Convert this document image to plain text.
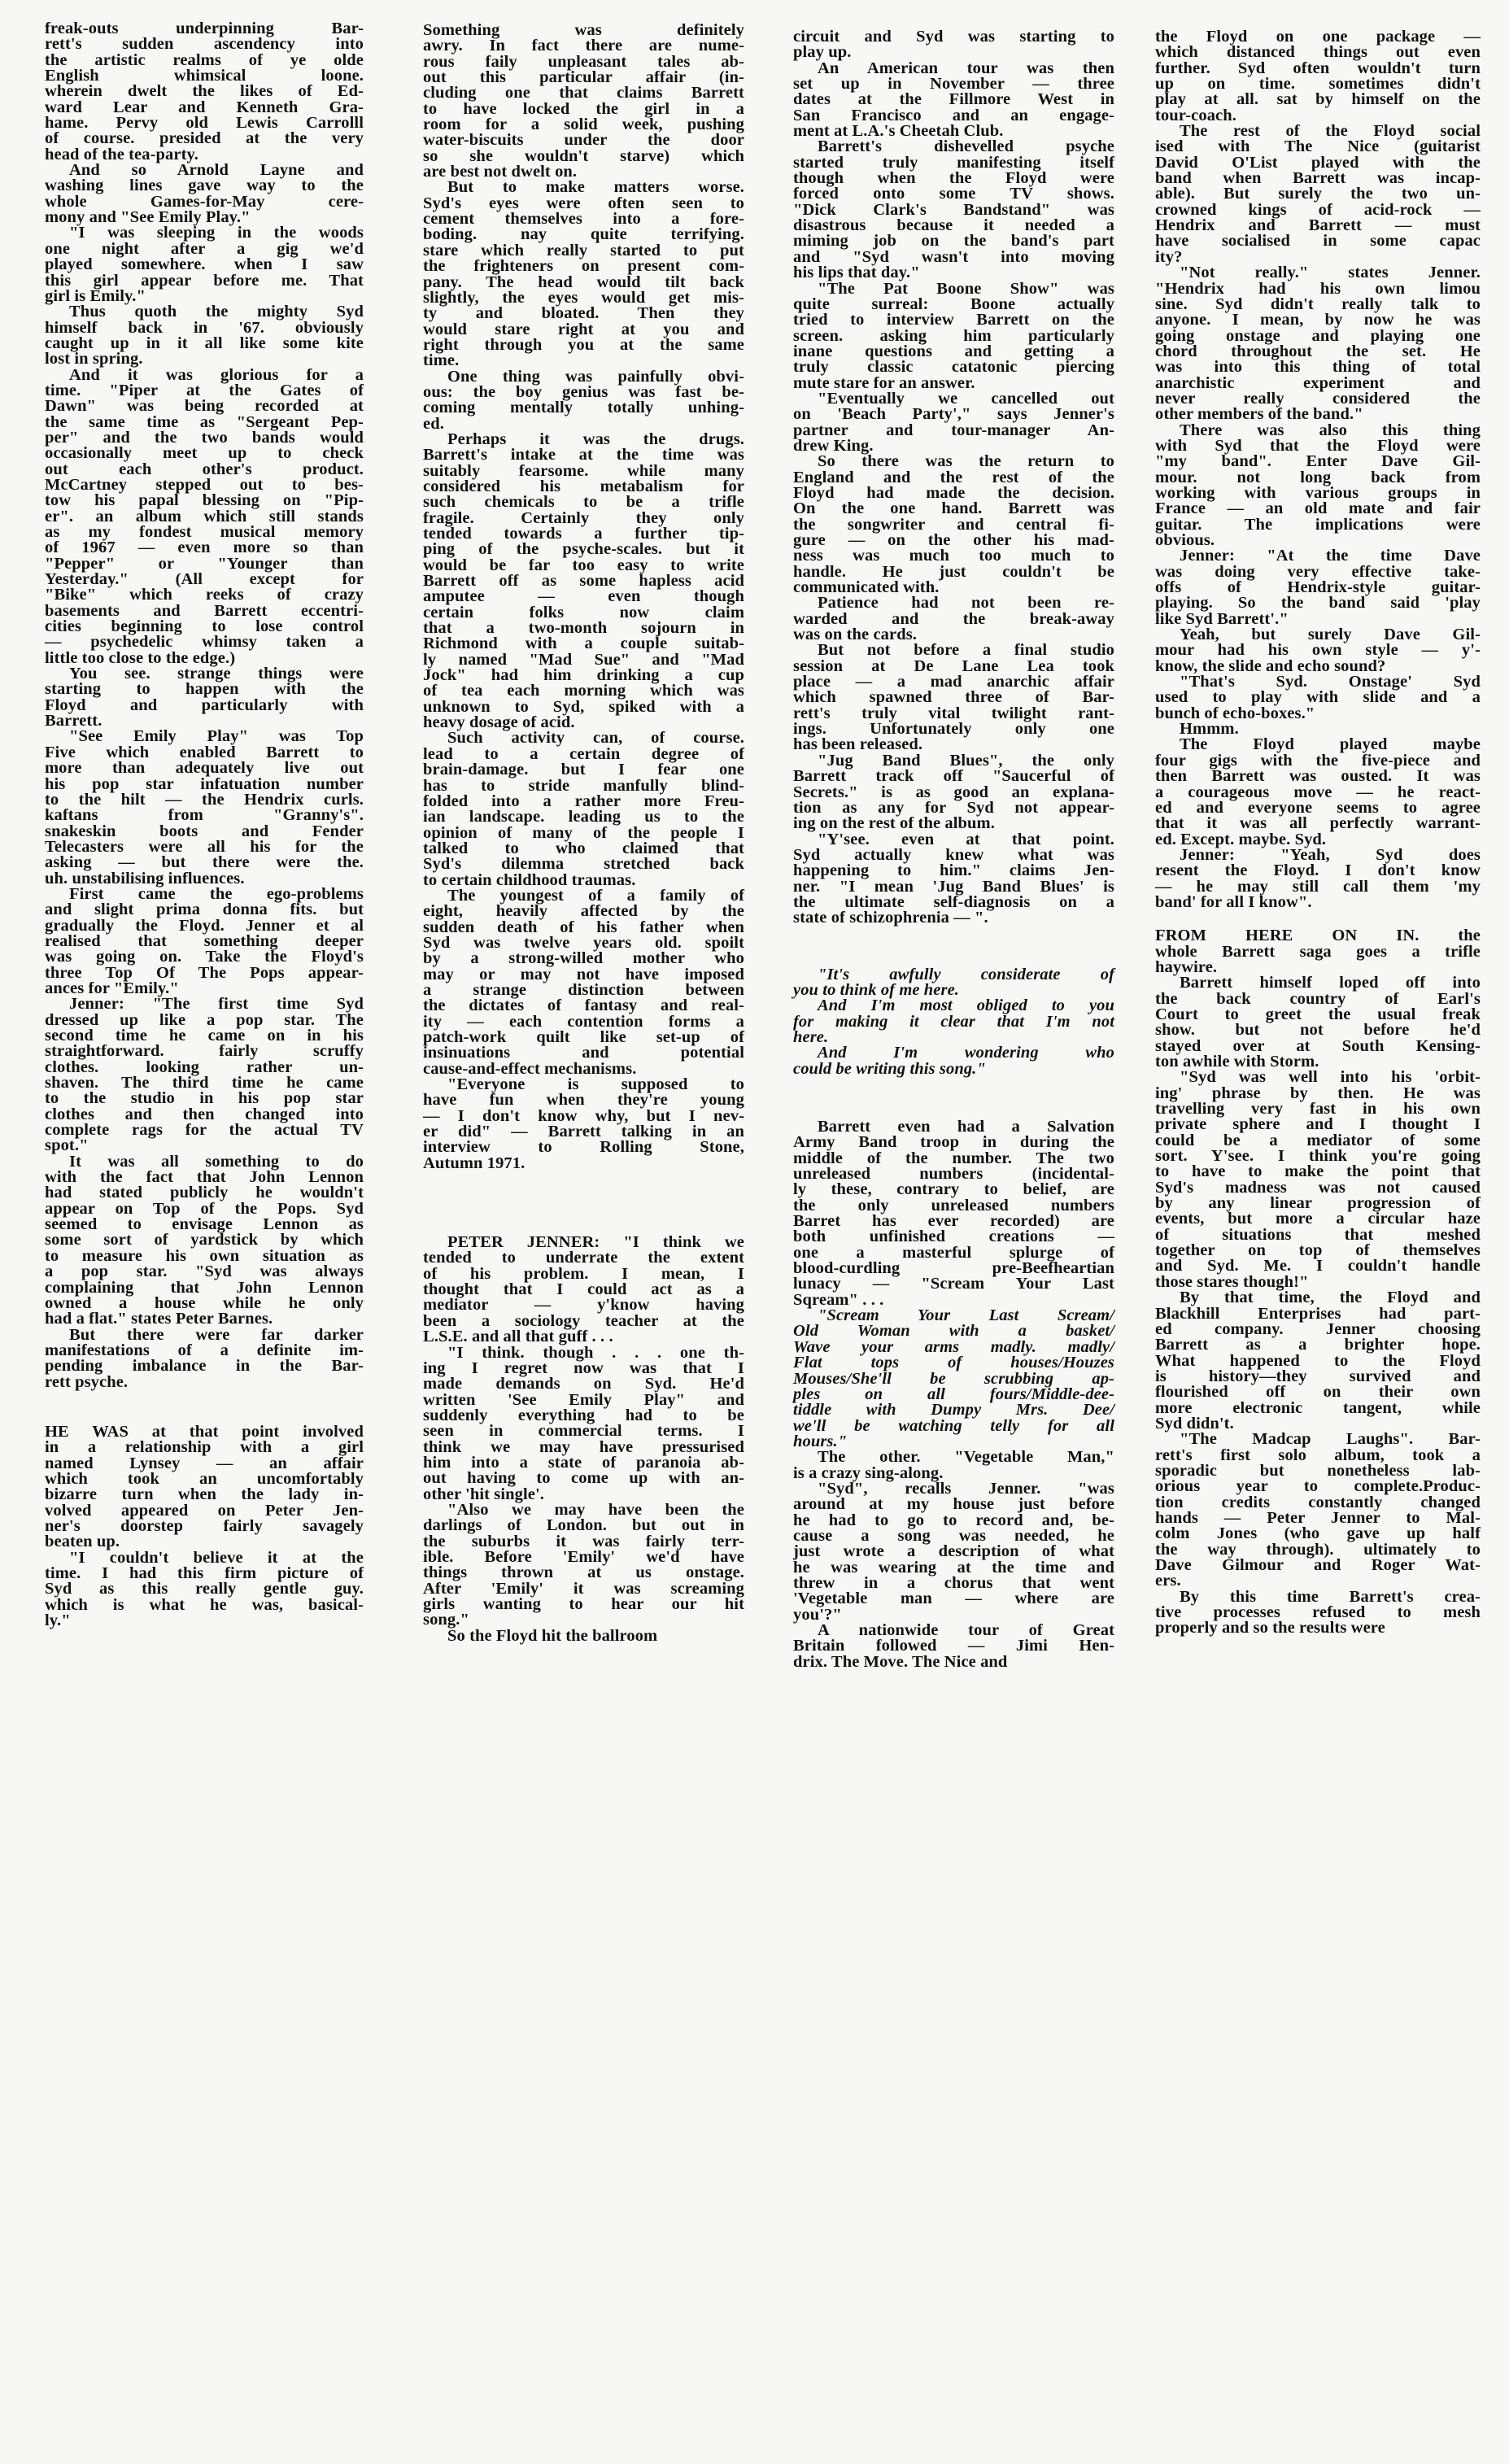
freak-outs underpinning Bar-
rett's sudden ascendency into
the artistic realms of ye olde
English whimsical loone.
wherein dwelt the likes of Ed-
ward Lear and Kenneth Gra-
hame. Pervy old Lewis Carrolll
of course. presided at the very
head of the tea-party.
And so Arnold Layne and
washing lines gave way to the
whole Games-for-May cere-
mony and "See Emily Play."
"I was sleeping in the woods
one night after a gig we'd
played somewhere. when I saw
this girl appear before me. That
girl is Emily."
Thus quoth the mighty Syd
himself back in '67. obviously
caught up in it all like some kite
lost in spring.
And it was glorious for a
time. "Piper at the Gates of
Dawn" was being recorded at
the same time as "Sergeant Pep-
per" and the two bands would
occasionally meet up to check
out each other's product.
McCartney stepped out to bes-
tow his papal blessing on "Pip-
er". an album which still stands
as my fondest musical memory
of 1967 — even more so than
"Pepper" or "Younger than
Yesterday." (All except for
"Bike" which reeks of crazy
basements and Barrett eccentri-
cities beginning to lose control
— psychedelic whimsy taken a
little too close to the edge.)
You see. strange things were
starting to happen with the
Floyd and particularly with
Barrett.
"See Emily Play" was Top
Five which enabled Barrett to
more than adequately live out
his pop star infatuation number
to the hilt — the Hendrix curls.
kaftans from "Granny's".
snakeskin boots and Fender
Telecasters were all his for the
asking — but there were the.
uh. unstabilising influences.
First came the ego-problems
and slight prima donna fits. but
gradually the Floyd. Jenner et al
realised that something deeper
was going on. Take the Floyd's
three Top Of The Pops appear-
ances for "Emily."
Jenner: "The first time Syd
dressed up like a pop star. The
second time he came on in his
straightforward. fairly scruffy
clothes. looking rather un-
shaven. The third time he came
to the studio in his pop star
clothes and then changed into
complete rags for the actual TV
spot."
It was all something to do
with the fact that John Lennon
had stated publicly he wouldn't
appear on Top of the Pops. Syd
seemed to envisage Lennon as
some sort of yardstick by which
to measure his own situation as
a pop star. "Syd was always
complaining that John Lennon
owned a house while he only
had a flat." states Peter Barnes.
But there were far darker
manifestations of a definite im-
pending imbalance in the Bar-
rett psyche.
HE WAS at that point involved
in a relationship with a girl
named Lynsey — an affair
which took an uncomfortably
bizarre turn when the lady in-
volved appeared on Peter Jen-
ner's doorstep fairly savagely
beaten up.
"I couldn't believe it at the
time. I had this firm picture of
Syd as this really gentle guy.
which is what he was, basical-
ly."
Something was definitely
awry. In fact there are nume-
rous faily unpleasant tales ab-
out this particular affair (in-
cluding one that claims Barrett
to have locked the girl in a
room for a solid week, pushing
water-biscuits under the door
so she wouldn't starve) which
are best not dwelt on.
But to make matters worse.
Syd's eyes were often seen to
cement themselves into a fore-
boding. nay quite terrifying.
stare which really started to put
the frighteners on present com-
pany. The head would tilt back
slightly, the eyes would get mis-
ty and bloated. Then they
would stare right at you and
right through you at the same
time.
One thing was painfully obvi-
ous: the boy genius was fast be-
coming mentally totally unhing-
ed.
Perhaps it was the drugs.
Barrett's intake at the time was
suitably fearsome. while many
considered his metabalism for
such chemicals to be a trifle
fragile. Certainly they only
tended towards a further tip-
ping of the psyche-scales. but it
would be far too easy to write
Barrett off as some hapless acid
amputee — even though
certain folks now claim
that a two-month sojourn in
Richmond with a couple suitab-
ly named "Mad Sue" and "Mad
Jock" had him drinking a cup
of tea each morning which was
unknown to Syd, spiked with a
heavy dosage of acid.
Such activity can, of course.
lead to a certain degree of
brain-damage. but I fear one
has to stride manfully blind-
folded into a rather more Freu-
ian landscape. leading us to the
opinion of many of the people I
talked to who claimed that
Syd's dilemma stretched back
to certain childhood traumas.
The youngest of a family of
eight, heavily affected by the
sudden death of his father when
Syd was twelve years old. spoilt
by a strong-willed mother who
may or may not have imposed
a strange distinction between
the dictates of fantasy and real-
ity — each contention forms a
patch-work quilt like set-up of
insinuations and potential
cause-and-effect mechanisms.
"Everyone is supposed to
have fun when they're young
— I don't know why, but I nev-
er did" — Barrett talking in an
interview to Rolling Stone,
Autumn 1971.
PETER JENNER: "I think we
tended to underrate the extent
of his problem. I mean, I
thought that I could act as a
mediator — y'know having
been a sociology teacher at the
L.S.E. and all that guff . . .
"I think. though . . . one th-
ing I regret now was that I
made demands on Syd. He'd
written 'See Emily Play" and
suddenly everything had to be
seen in commercial terms. I
think we may have pressurised
him into a state of paranoia ab-
out having to come up with an-
other 'hit single'.
"Also we may have been the
darlings of London. but out in
the suburbs it was fairly terr-
ible. Before 'Emily' we'd have
things thrown at us onstage.
After 'Emily' it was screaming
girls wanting to hear our hit
song."
So the Floyd hit the ballroom
circuit and Syd was starting to
play up.
An American tour was then
set up in November — three
dates at the Fillmore West in
San Francisco and an engage-
ment at L.A.'s Cheetah Club.
Barrett's dishevelled psyche
started truly manifesting itself
though when the Floyd were
forced onto some TV shows.
"Dick Clark's Bandstand" was
disastrous because it needed a
miming job on the band's part
and "Syd wasn't into moving
his lips that day."
"The Pat Boone Show" was
quite surreal: Boone actually
tried to interview Barrett on the
screen. asking him particularly
inane questions and getting a
truly classic catatonic piercing
mute stare for an answer.
"Eventually we cancelled out
on 'Beach Party'," says Jenner's
partner and tour-manager An-
drew King.
So there was the return to
England and the rest of the
Floyd had made the decision.
On the one hand. Barrett was
the songwriter and central fi-
gure — on the other his mad-
ness was much too much to
handle. He just couldn't be
communicated with.
Patience had not been re-
warded and the break-away
was on the cards.
But not before a final studio
session at De Lane Lea took
place — a mad anarchic affair
which spawned three of Bar-
rett's truly vital twilight rant-
ings. Unfortunately only one
has been released.
"Jug Band Blues", the only
Barrett track off "Saucerful of
Secrets." is as good an explana-
tion as any for Syd not appear-
ing on the rest of the album.
"Y'see. even at that point.
Syd actually knew what was
happening to him." claims Jen-
ner. "I mean 'Jug Band Blues' is
the ultimate self-diagnosis on a
state of schizophrenia — ".
"It's awfully considerate of
you to think of me here.
And I'm most obliged to you
for making it clear that I'm not
here.
And I'm wondering who
could be writing this song."
Barrett even had a Salvation
Army Band troop in during the
middle of the number. The two
unreleased numbers (incidental-
ly these, contrary to belief, are
the only unreleased numbers
Barret has ever recorded) are
both unfinished creations —
one a masterful splurge of
blood-curdling pre-Beefheartian
lunacy — "Scream Your Last
Sqream" . . .
"Scream Your Last Scream/
Old Woman with a basket/
Wave your arms madly. madly/
Flat tops of houses/Houzes
Mouses/She'll be scrubbing ap-
ples on all fours/Middle-dee-
tiddle with Dumpy Mrs. Dee/
we'll be watching telly for all
hours."
The other. "Vegetable Man,"
is a crazy sing-along.
"Syd", recalls Jenner. "was
around at my house just before
he had to go to record and, be-
cause a song was needed, he
just wrote a description of what
he was wearing at the time and
threw in a chorus that went
'Vegetable man — where are
you'?"
A nationwide tour of Great
Britain followed — Jimi Hen-
drix. The Move. The Nice and
the Floyd on one package —
which distanced things out even
further. Syd often wouldn't turn
up on time. sometimes didn't
play at all. sat by himself on the
tour-coach.
The rest of the Floyd social
ised with The Nice (guitarist
David O'List played with the
band when Barrett was incap-
able). But surely the two un-
crowned kings of acid-rock —
Hendrix and Barrett — must
have socialised in some capac
ity?
"Not really." states Jenner.
"Hendrix had his own limou
sine. Syd didn't really talk to
anyone. I mean, by now he was
going onstage and playing one
chord throughout the set. He
was into this thing of total
anarchistic experiment and
never really considered the
other members of the band."
There was also this thing
with Syd that the Floyd were
"my band". Enter Dave Gil-
mour. not long back from
working with various groups in
France — an old mate and fair
guitar. The implications were
obvious.
Jenner: "At the time Dave
was doing very effective take-
offs of Hendrix-style guitar-
playing. So the band said 'play
like Syd Barrett'."
Yeah, but surely Dave Gil-
mour had his own style — y'-
know, the slide and echo sound?
"That's Syd. Onstage' Syd
used to play with slide and a
bunch of echo-boxes."
Hmmm.
The Floyd played maybe
four gigs with the five-piece and
then Barrett was ousted. It was
a courageous move — he react-
ed and everyone seems to agree
that it was all perfectly warrant-
ed. Except. maybe. Syd.
Jenner: "Yeah, Syd does
resent the Floyd. I don't know
— he may still call them 'my
band' for all I know".
FROM HERE ON IN. the
whole Barrett saga goes a trifle
haywire.
Barrett himself loped off into
the back country of Earl's
Court to greet the usual freak
show. but not before he'd
stayed over at South Kensing-
ton awhile with Storm.
"Syd was well into his 'orbit-
ing' phrase by then. He was
travelling very fast in his own
private sphere and I thought I
could be a mediator of some
sort. Y'see. I think you're going
to have to make the point that
Syd's madness was not caused
by any linear progression of
events, but more a circular haze
of situations that meshed
together on top of themselves
and Syd. Me. I couldn't handle
those stares though!"
By that time, the Floyd and
Blackhill Enterprises had part-
ed company. Jenner choosing
Barrett as a brighter hope.
What happened to the Floyd
is history—they survived and
flourished off on their own
more electronic tangent, while
Syd didn't.
"The Madcap Laughs". Bar-
rett's first solo album, took a
sporadic but nonetheless lab-
orious year to complete.Produc-
tion credits constantly changed
hands — Peter Jenner to Mal-
colm Jones (who gave up half
the way through). ultimately to
Dave Gilmour and Roger Wat-
ers.
By this time Barrett's crea-
tive processes refused to mesh
properly and so the results were
